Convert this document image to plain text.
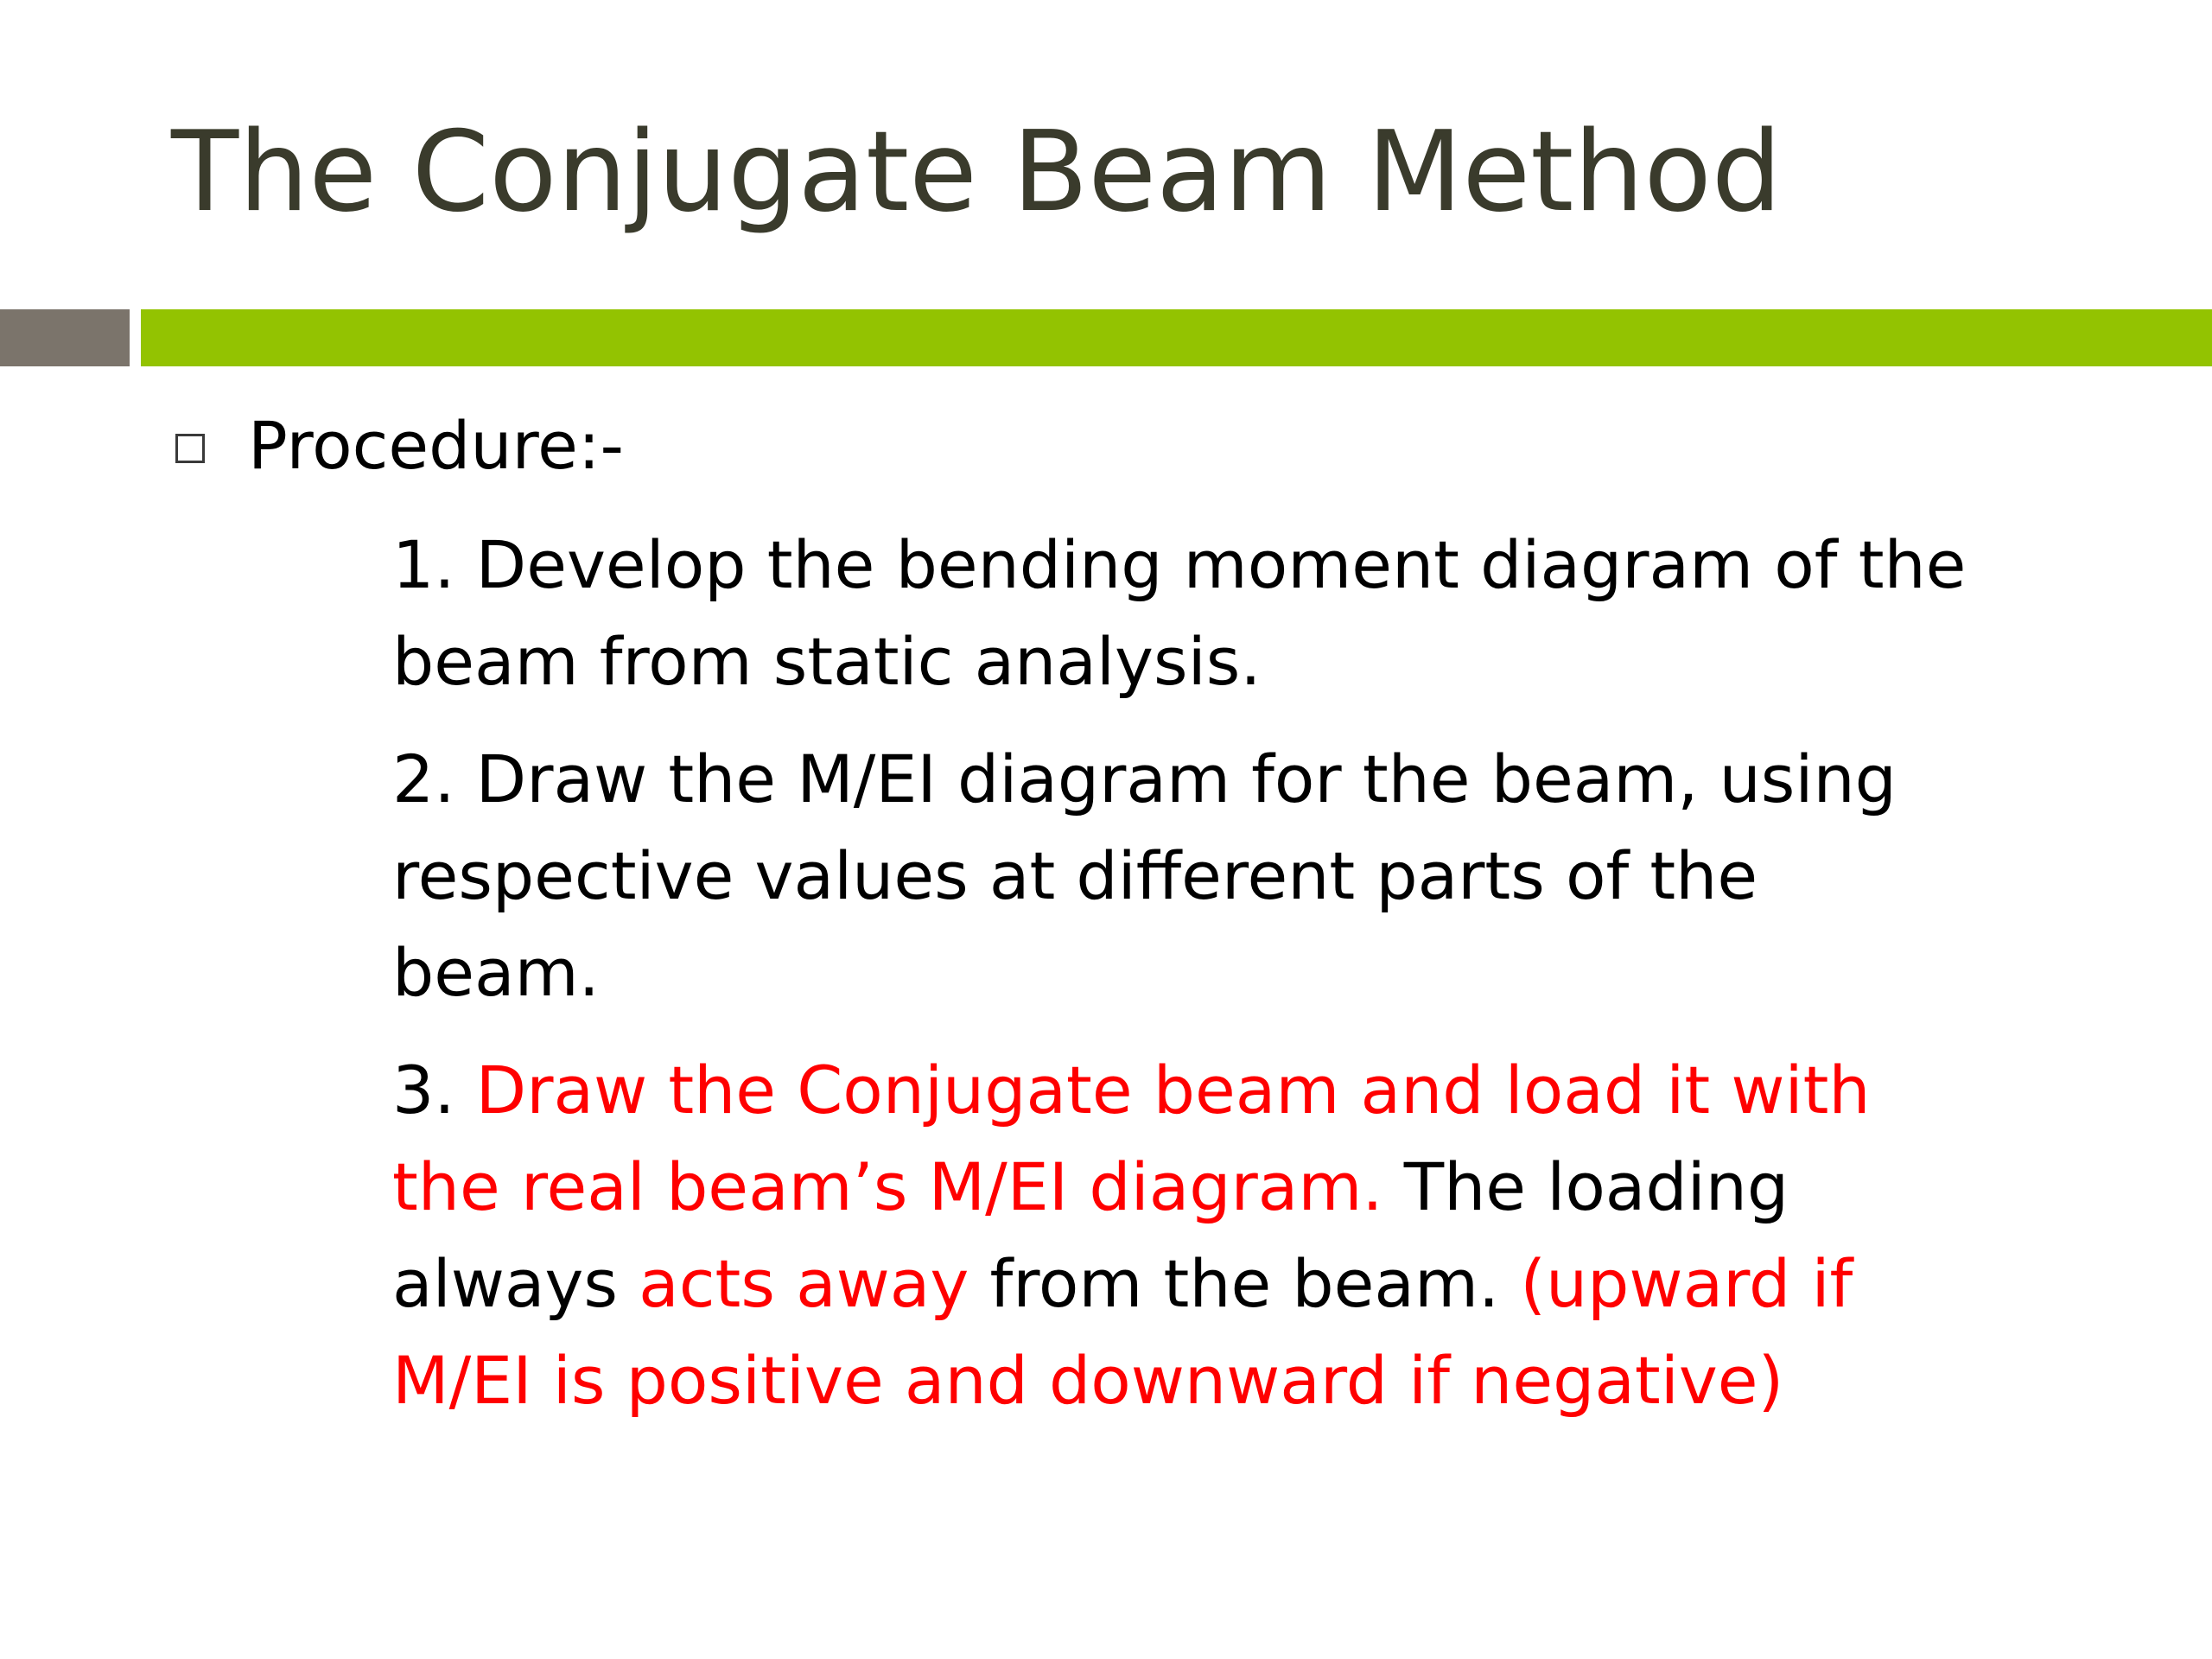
The Conjugate Beam Method
Procedure:-

1. Develop the bending moment diagram of the
beam from static analysis.

2. Draw the M/EI diagram for the beam, using
respective values at different parts of the
beam.

3. Draw the Conjugate beam and load it with
the real beam’s M/EI diagram. The loading
always acts away from the beam. (upward if
M/EI is positive and downward if negative)
